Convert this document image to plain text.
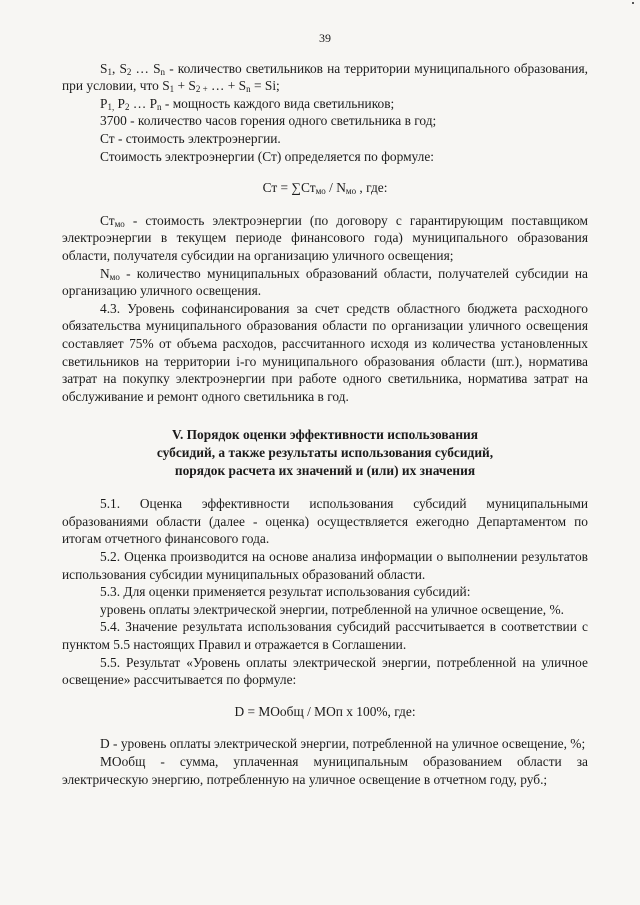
39

$S_1$, $S_2$ … $S_n$ - количество светильников на территории муниципального образования, при условии, что $S_1 + S_{2 +}$ … + $S_n = Si$;

$P_{1,}$ $P_2$ … $P_n$ - мощность каждого вида светильников;

3700 - количество часов горения одного светильника в год;

Ст - стоимость электроэнергии.

Стоимость электроэнергии (Ст) определяется по формуле:

Ст = $\sum Ст_{мо} / N_{мо}$ , где:

$Ст_{мо}$ - стоимость электроэнергии (по договору с гарантирующим поставщиком электроэнергии в текущем периоде финансового года) муниципального образования области, получателя субсидии на организацию уличного освещения;

$N_{мо}$ - количество муниципальных образований области, получателей субсидии на организацию уличного освещения.

4.3. Уровень софинансирования за счет средств областного бюджета расходного обязательства муниципального образования области по организации уличного освещения составляет 75% от объема расходов, рассчитанного исходя из количества установленных светильников на территории i-го муниципального образования области (шт.), норматива затрат на покупку электроэнергии при работе одного светильника, норматива затрат на обслуживание и ремонт одного светильника в год.

V. Порядок оценки эффективности использования
субсидий, а также результаты использования субсидий,
порядок расчета их значений и (или) их значения

5.1. Оценка эффективности использования субсидий муниципальными образованиями области (далее - оценка) осуществляется ежегодно Департаментом по итогам отчетного финансового года.

5.2. Оценка производится на основе анализа информации о выполнении результатов использования субсидии муниципальных образований области.

5.3. Для оценки применяется результат использования субсидий:

уровень оплаты электрической энергии, потребленной на уличное освещение, %.

5.4. Значение результата использования субсидий рассчитывается в соответствии с пунктом 5.5 настоящих Правил и отражается в Соглашении.

5.5. Результат «Уровень оплаты электрической энергии, потребленной на уличное освещение» рассчитывается по формуле:

D = МОобщ / МОп х 100%, где:

D - уровень оплаты электрической энергии, потребленной на уличное освещение, %;

МОобщ - сумма, уплаченная муниципальным образованием области за электрическую энергию, потребленную на уличное освещение в отчетном году, руб.;
